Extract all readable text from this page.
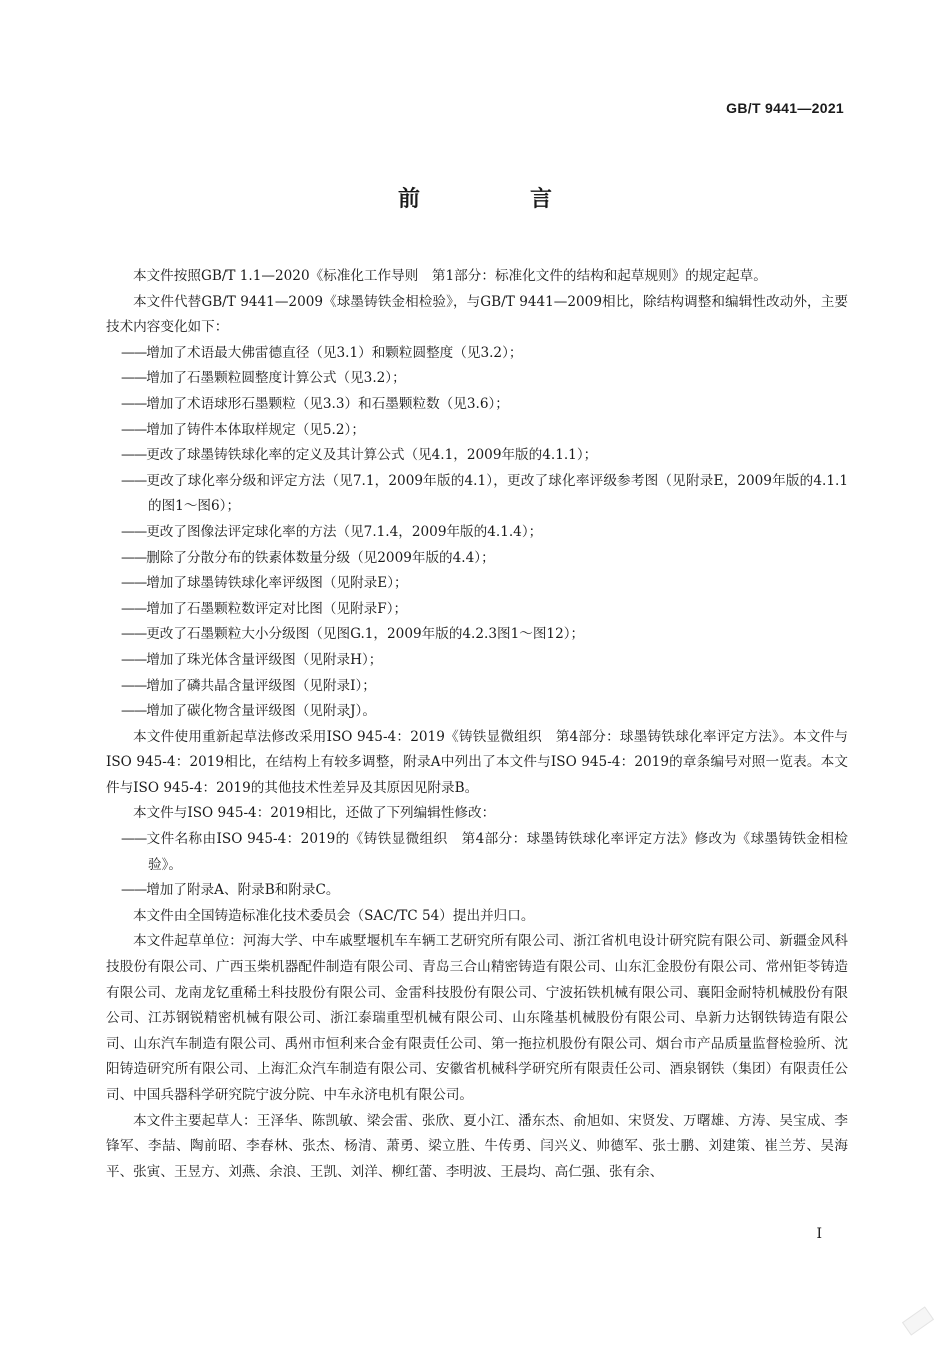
GB/T 9441—2021
前　言

本文件按照GB/T 1.1—2020《标准化工作导则　第1部分：标准化文件的结构和起草规则》的规定起草。

本文件代替GB/T 9441—2009《球墨铸铁金相检验》，与GB/T 9441—2009相比，除结构调整和编辑性改动外，主要技术内容变化如下：

——增加了术语最大佛雷德直径（见3.1）和颗粒圆整度（见3.2）；

——增加了石墨颗粒圆整度计算公式（见3.2）；

——增加了术语球形石墨颗粒（见3.3）和石墨颗粒数（见3.6）；

——增加了铸件本体取样规定（见5.2）；

——更改了球墨铸铁球化率的定义及其计算公式（见4.1，2009年版的4.1.1）；

——更改了球化率分级和评定方法（见7.1，2009年版的4.1），更改了球化率评级参考图（见附录E，2009年版的4.1.1的图1～图6）；

——更改了图像法评定球化率的方法（见7.1.4，2009年版的4.1.4）；

——删除了分散分布的铁素体数量分级（见2009年版的4.4）；

——增加了球墨铸铁球化率评级图（见附录E）；

——增加了石墨颗粒数评定对比图（见附录F）；

——更改了石墨颗粒大小分级图（见图G.1，2009年版的4.2.3图1～图12）；

——增加了珠光体含量评级图（见附录H）；

——增加了磷共晶含量评级图（见附录I）；

——增加了碳化物含量评级图（见附录J）。

本文件使用重新起草法修改采用ISO 945-4：2019《铸铁显微组织　第4部分：球墨铸铁球化率评定方法》。本文件与ISO 945-4：2019相比，在结构上有较多调整，附录A中列出了本文件与ISO 945-4：2019的章条编号对照一览表。本文件与ISO 945-4：2019的其他技术性差异及其原因见附录B。

本文件与ISO 945-4：2019相比，还做了下列编辑性修改：

——文件名称由ISO 945-4：2019的《铸铁显微组织　第4部分：球墨铸铁球化率评定方法》修改为《球墨铸铁金相检验》。

——增加了附录A、附录B和附录C。

本文件由全国铸造标准化技术委员会（SAC/TC 54）提出并归口。

本文件起草单位：河海大学、中车戚墅堰机车车辆工艺研究所有限公司、浙江省机电设计研究院有限公司、新疆金风科技股份有限公司、广西玉柴机器配件制造有限公司、青岛三合山精密铸造有限公司、山东汇金股份有限公司、常州钜苓铸造有限公司、龙南龙钇重稀土科技股份有限公司、金雷科技股份有限公司、宁波拓铁机械有限公司、襄阳金耐特机械股份有限公司、江苏钢锐精密机械有限公司、浙江泰瑞重型机械有限公司、山东隆基机械股份有限公司、阜新力达钢铁铸造有限公司、山东汽车制造有限公司、禹州市恒利来合金有限责任公司、第一拖拉机股份有限公司、烟台市产品质量监督检验所、沈阳铸造研究所有限公司、上海汇众汽车制造有限公司、安徽省机械科学研究所有限责任公司、酒泉钢铁（集团）有限责任公司、中国兵器科学研究院宁波分院、中车永济电机有限公司。

本文件主要起草人：王泽华、陈凯敏、梁会雷、张欣、夏小江、潘东杰、俞旭如、宋贤发、万曙雄、方涛、吴宝成、李锋军、李喆、陶前昭、李春林、张杰、杨清、萧勇、梁立胜、牛传勇、闫兴义、帅德军、张士鹏、刘建策、崔兰芳、吴海平、张寅、王昱方、刘燕、余浪、王凯、刘洋、柳红蕾、李明波、王晨均、高仁强、张有余、

I
